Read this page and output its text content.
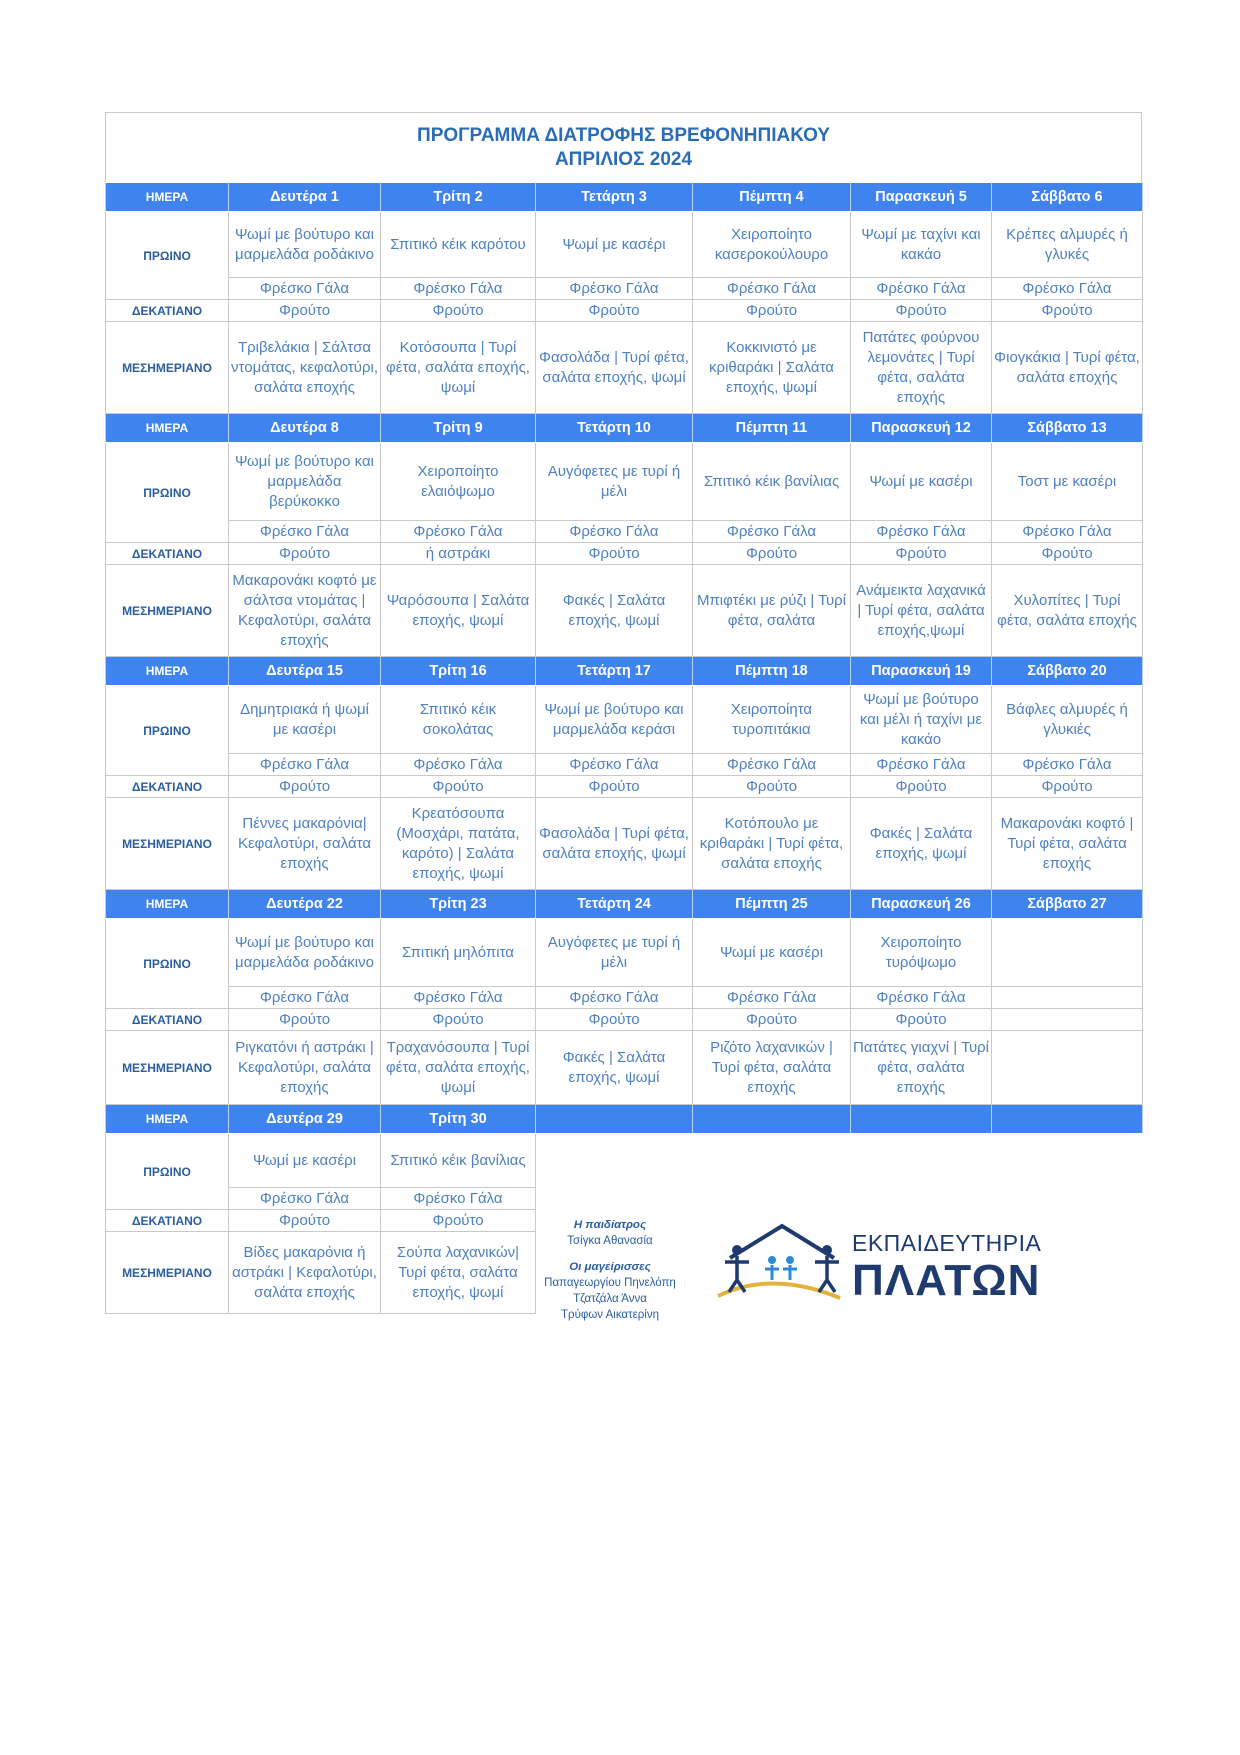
ΠΡΟΓΡΑΜΜΑ ΔΙΑΤΡΟΦΗΣ ΒΡΕΦΟΝΗΠΙΑΚΟΥ
ΑΠΡΙΛΙΟΣ 2024
ΗΜΕΡΑ	Δευτέρα 1	Τρίτη 2	Τετάρτη 3	Πέμπτη 4	Παρασκευή 5	Σάββατο 6
ΠΡΩΙΝΟ	Ψωμί με βούτυρο και μαρμελάδα ροδάκινο	Σπιτικό κέικ καρότου	Ψωμί με κασέρι	Χειροποίητο κασεροκούλουρο	Ψωμί με ταχίνι και κακάο	Κρέπες αλμυρές ή γλυκές
	Φρέσκο Γάλα	Φρέσκο Γάλα	Φρέσκο Γάλα	Φρέσκο Γάλα	Φρέσκο Γάλα	Φρέσκο Γάλα
ΔΕΚΑΤΙΑΝΟ	Φρούτο	Φρούτο	Φρούτο	Φρούτο	Φρούτο	Φρούτο
ΜΕΣΗΜΕΡΙΑΝΟ	Τριβελάκια | Σάλτσα ντομάτας, κεφαλοτύρι, σαλάτα εποχής	Κοτόσουπα | Τυρί φέτα, σαλάτα εποχής, ψωμί	Φασολάδα | Τυρί φέτα, σαλάτα εποχής, ψωμί	Κοκκινιστό με κριθαράκι | Σαλάτα εποχής, ψωμί	Πατάτες φούρνου λεμονάτες | Τυρί φέτα, σαλάτα εποχής	Φιογκάκια | Τυρί φέτα, σαλάτα εποχής
ΗΜΕΡΑ	Δευτέρα 8	Τρίτη 9	Τετάρτη 10	Πέμπτη 11	Παρασκευή 12	Σάββατο 13
ΠΡΩΙΝΟ	Ψωμί με βούτυρο και μαρμελάδα βερύκοκκο	Χειροποίητο ελαιόψωμο	Αυγόφετες με τυρί ή μέλι	Σπιτικό κέικ βανίλιας	Ψωμί με κασέρι	Τοστ με κασέρι
	Φρέσκο Γάλα	Φρέσκο Γάλα	Φρέσκο Γάλα	Φρέσκο Γάλα	Φρέσκο Γάλα	Φρέσκο Γάλα
ΔΕΚΑΤΙΑΝΟ	Φρούτο	ή αστράκι	Φρούτο	Φρούτο	Φρούτο	Φρούτο
ΜΕΣΗΜΕΡΙΑΝΟ	Μακαρονάκι κοφτό με σάλτσα ντομάτας | Κεφαλοτύρι, σαλάτα εποχής	Ψαρόσουπα | Σαλάτα εποχής, ψωμί	Φακές | Σαλάτα εποχής, ψωμί	Μπιφτέκι με ρύζι | Τυρί φέτα, σαλάτα	Ανάμεικτα λαχανικά | Τυρί φέτα, σαλάτα εποχής,ψωμί	Χυλοπίτες | Τυρί φέτα, σαλάτα εποχής
ΗΜΕΡΑ	Δευτέρα 15	Τρίτη 16	Τετάρτη 17	Πέμπτη 18	Παρασκευή 19	Σάββατο 20
ΠΡΩΙΝΟ	Δημητριακά ή ψωμί με κασέρι	Σπιτικό κέικ σοκολάτας	Ψωμί με βούτυρο και μαρμελάδα κεράσι	Χειροποίητα τυροπιτάκια	Ψωμί με βούτυρο και μέλι ή ταχίνι με κακάο	Βάφλες αλμυρές ή γλυκιές
	Φρέσκο Γάλα	Φρέσκο Γάλα	Φρέσκο Γάλα	Φρέσκο Γάλα	Φρέσκο Γάλα	Φρέσκο Γάλα
ΔΕΚΑΤΙΑΝΟ	Φρούτο	Φρούτο	Φρούτο	Φρούτο	Φρούτο	Φρούτο
ΜΕΣΗΜΕΡΙΑΝΟ	Πέννες μακαρόνια| Κεφαλοτύρι, σαλάτα εποχής	Κρεατόσουπα (Μοσχάρι, πατάτα, καρότο) | Σαλάτα εποχής, ψωμί	Φασολάδα | Τυρί φέτα, σαλάτα εποχής, ψωμί	Κοτόπουλο με κριθαράκι | Τυρί φέτα, σαλάτα εποχής	Φακές | Σαλάτα εποχής, ψωμί	Μακαρονάκι κοφτό | Τυρί φέτα, σαλάτα εποχής
ΗΜΕΡΑ	Δευτέρα 22	Τρίτη 23	Τετάρτη 24	Πέμπτη 25	Παρασκευή 26	Σάββατο 27
ΠΡΩΙΝΟ	Ψωμί με βούτυρο και μαρμελάδα ροδάκινο	Σπιτική μηλόπιτα	Αυγόφετες με τυρί ή μέλι	Ψωμί με κασέρι	Χειροποίητο τυρόψωμο	
	Φρέσκο Γάλα	Φρέσκο Γάλα	Φρέσκο Γάλα	Φρέσκο Γάλα	Φρέσκο Γάλα	
ΔΕΚΑΤΙΑΝΟ	Φρούτο	Φρούτο	Φρούτο	Φρούτο	Φρούτο	
ΜΕΣΗΜΕΡΙΑΝΟ	Ριγκατόνι ή αστράκι | Κεφαλοτύρι, σαλάτα εποχής	Τραχανόσουπα | Τυρί φέτα, σαλάτα εποχής, ψωμί	Φακές | Σαλάτα εποχής, ψωμί	Ριζότο λαχανικών | Τυρί φέτα, σαλάτα εποχής	Πατάτες γιαχνί | Τυρί φέτα, σαλάτα εποχής	
ΗΜΕΡΑ	Δευτέρα 29	Τρίτη 30				
ΠΡΩΙΝΟ	Ψωμί με κασέρι	Σπιτικό κέικ βανίλιας				
	Φρέσκο Γάλα	Φρέσκο Γάλα				
ΔΕΚΑΤΙΑΝΟ	Φρούτο	Φρούτο				
ΜΕΣΗΜΕΡΙΑΝΟ	Βίδες μακαρόνια ή αστράκι | Κεφαλοτύρι, σαλάτα εποχής	Σούπα λαχανικών| Τυρί φέτα, σαλάτα εποχής, ψωμί				
Η παιδίατρος
Τσίγκα Αθανασία
Οι μαγείρισσες
Παπαγεωργίου Πηνελόπη
Τζατζάλα Άννα
Τρύφων Αικατερίνη
ΕΚΠΑΙΔΕΥΤΗΡΙΑ
ΠΛΑΤΩΝ
